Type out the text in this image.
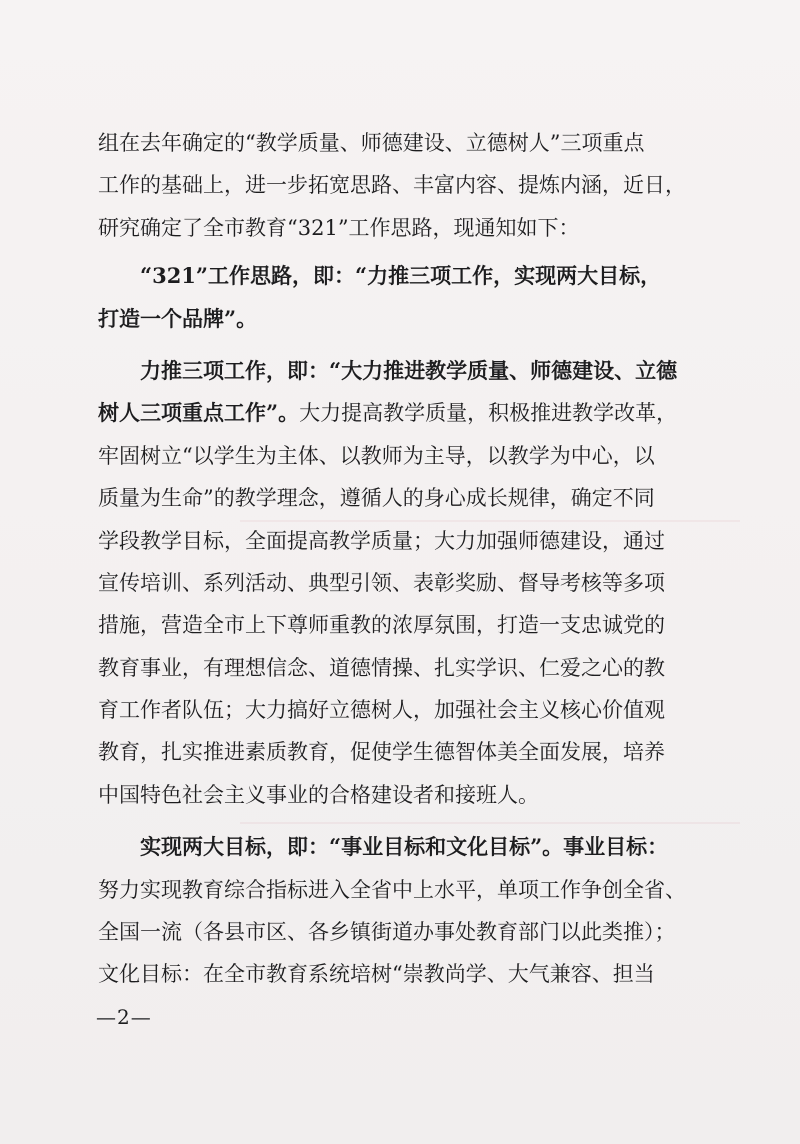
组在去年确定的“教学质量、师德建设、立德树人”三项重点
工作的基础上，进一步拓宽思路、丰富内容、提炼内涵，近日，
研究确定了全市教育“321”工作思路，现通知如下：
　　“321”工作思路，即：“力推三项工作，实现两大目标，
打造一个品牌”。
　　力推三项工作，即：“大力推进教学质量、师德建设、立德
树人三项重点工作”。大力提高教学质量，积极推进教学改革，
牢固树立“以学生为主体、以教师为主导，以教学为中心，以
质量为生命”的教学理念，遵循人的身心成长规律，确定不同
学段教学目标，全面提高教学质量；大力加强师德建设，通过
宣传培训、系列活动、典型引领、表彰奖励、督导考核等多项
措施，营造全市上下尊师重教的浓厚氛围，打造一支忠诚党的
教育事业，有理想信念、道德情操、扎实学识、仁爱之心的教
育工作者队伍；大力搞好立德树人，加强社会主义核心价值观
教育，扎实推进素质教育，促使学生德智体美全面发展，培养
中国特色社会主义事业的合格建设者和接班人。
　　实现两大目标，即：“事业目标和文化目标”。事业目标：
努力实现教育综合指标进入全省中上水平，单项工作争创全省、
全国一流（各县市区、各乡镇街道办事处教育部门以此类推）；
文化目标：在全市教育系统培树“崇教尚学、大气兼容、担当
—2—
